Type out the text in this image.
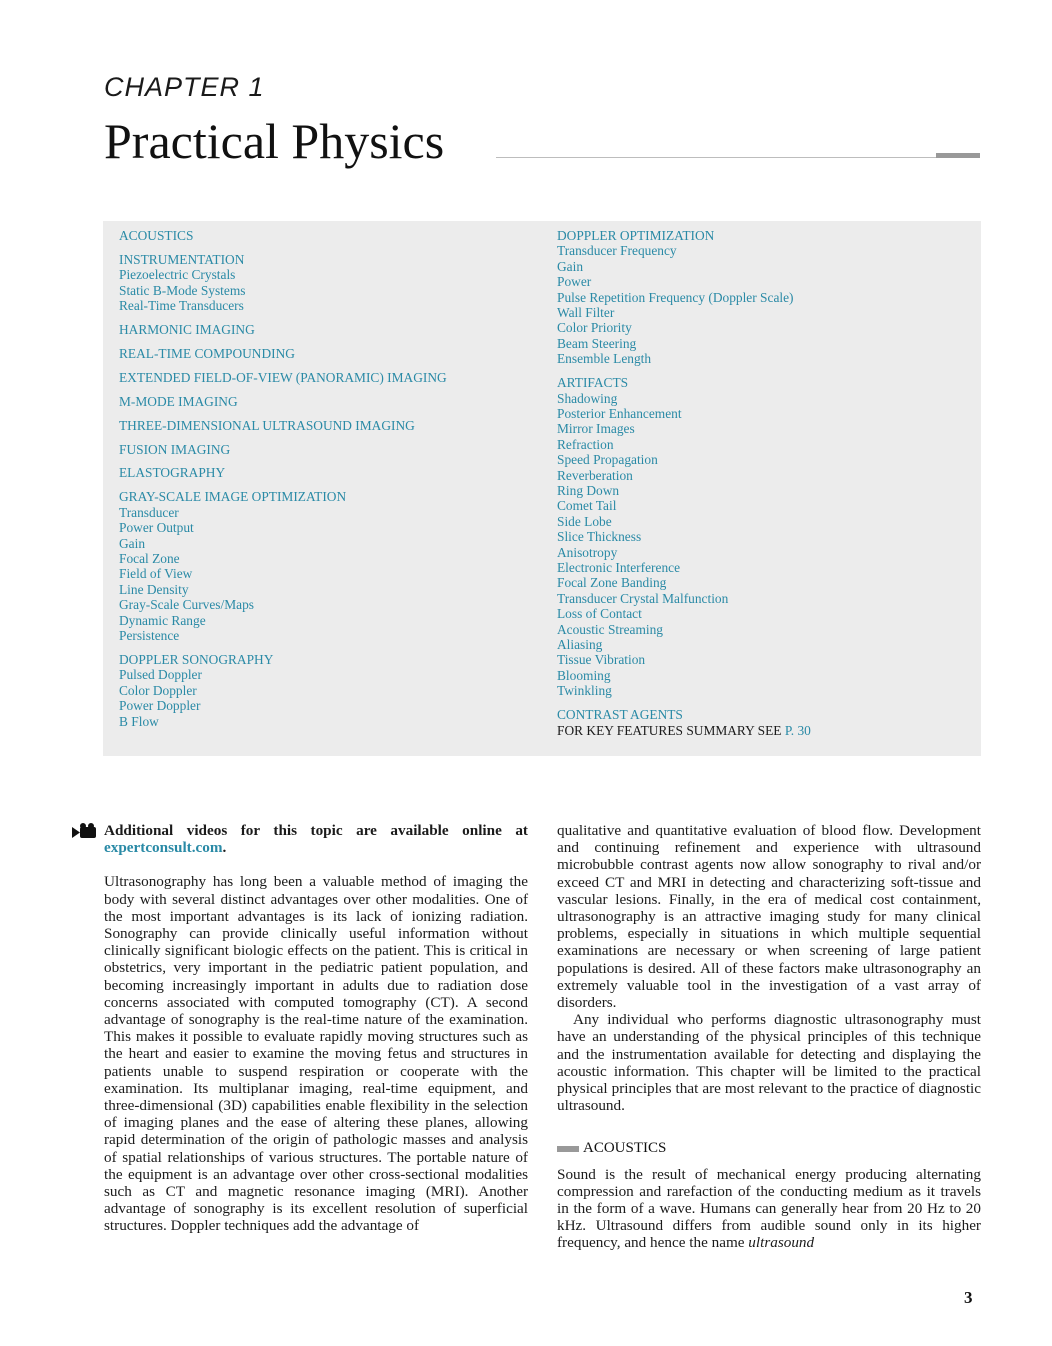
CHAPTER 1
Practical Physics
ACOUSTICS
INSTRUMENTATION
Piezoelectric Crystals
Static B-Mode Systems
Real-Time Transducers
HARMONIC IMAGING
REAL-TIME COMPOUNDING
EXTENDED FIELD-OF-VIEW (PANORAMIC) IMAGING
M-MODE IMAGING
THREE-DIMENSIONAL ULTRASOUND IMAGING
FUSION IMAGING
ELASTOGRAPHY
GRAY-SCALE IMAGE OPTIMIZATION
Transducer
Power Output
Gain
Focal Zone
Field of View
Line Density
Gray-Scale Curves/Maps
Dynamic Range
Persistence
DOPPLER SONOGRAPHY
Pulsed Doppler
Color Doppler
Power Doppler
B Flow
DOPPLER OPTIMIZATION
Transducer Frequency
Gain
Power
Pulse Repetition Frequency (Doppler Scale)
Wall Filter
Color Priority
Beam Steering
Ensemble Length
ARTIFACTS
Shadowing
Posterior Enhancement
Mirror Images
Refraction
Speed Propagation
Reverberation
Ring Down
Comet Tail
Side Lobe
Slice Thickness
Anisotropy
Electronic Interference
Focal Zone Banding
Transducer Crystal Malfunction
Loss of Contact
Acoustic Streaming
Aliasing
Tissue Vibration
Blooming
Twinkling
CONTRAST AGENTS
FOR KEY FEATURES SUMMARY SEE P. 30

Additional videos for this topic are available online at expertconsult.com.

Ultrasonography has long been a valuable method of imaging the body with several distinct advantages over other modalities. One of the most important advantages is its lack of ionizing radiation. Sonography can provide clinically useful information without clinically significant biologic effects on the patient. This is critical in obstetrics, very important in the pediatric patient population, and becoming increasingly important in adults due to radiation dose concerns associated with computed tomography (CT). A second advantage of sonography is the real-time nature of the examination. This makes it possible to evaluate rapidly moving structures such as the heart and easier to examine the moving fetus and structures in patients unable to suspend respiration or cooperate with the examination. Its multiplanar imaging, real-time equipment, and three-dimensional (3D) capabilities enable flexibility in the selection of imaging planes and the ease of altering these planes, allowing rapid determination of the origin of pathologic masses and analysis of spatial relationships of various structures. The portable nature of the equipment is an advantage over other cross-sectional modalities such as CT and magnetic resonance imaging (MRI). Another advantage of sonography is its excellent resolution of superficial structures. Doppler techniques add the advantage of

qualitative and quantitative evaluation of blood flow. Development and continuing refinement and experience with ultrasound microbubble contrast agents now allow sonography to rival and/or exceed CT and MRI in detecting and characterizing soft-tissue and vascular lesions. Finally, in the era of medical cost containment, ultrasonography is an attractive imaging study for many clinical problems, especially in situations in which multiple sequential examinations are necessary or when screening of large patient populations is desired. All of these factors make ultrasonography an extremely valuable tool in the investigation of a vast array of disorders.

Any individual who performs diagnostic ultrasonography must have an understanding of the physical principles of this technique and the instrumentation available for detecting and displaying the acoustic information. This chapter will be limited to the practical physical principles that are most relevant to the practice of diagnostic ultrasound.

ACOUSTICS

Sound is the result of mechanical energy producing alternating compression and rarefaction of the conducting medium as it travels in the form of a wave. Humans can generally hear from 20 Hz to 20 kHz. Ultrasound differs from audible sound only in its higher frequency, and hence the name ultrasound

3
